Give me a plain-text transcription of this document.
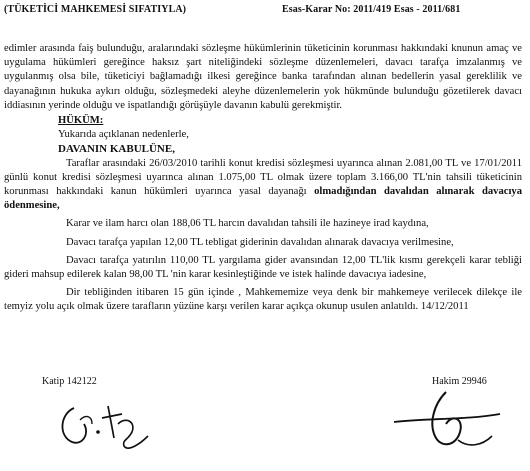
(TÜKETİCİ MAHKEMESİ SIFATIYLA)	Esas-Karar No: 2011/419 Esas - 2011/681

edimler arasında faiş bulunduğu, aralarındaki sözleşme hükümlerinin tüketicinin korunması hakkındaki knunun amaç ve uygulama hükümleri gereğince haksız şart niteliğindeki sözleşme düzenlemeleri, davacı tarafça imzalanmış ve uygulanmış olsa bile, tüketiciyi bağlamadığı ilkesi gereğince banka tarafından alınan bedellerin yasal gereklilik ve dayanağının hukuka aykırı olduğu, sözleşmedeki aleyhe düzenlemelerin yok hükmünde bulunduğu gözetilerek davacı iddiasının yerinde olduğu ve ispatlandığı görüşüyle davanın kabulü gerekmiştir.

HÜKÜM:

Yukarıda açıklanan nedenlerle,

DAVANIN KABULÜNE,

Taraflar arasındaki 26/03/2010 tarihli konut kredisi sözleşmesi uyarınca alınan 2.081,00 TL ve 17/01/2011 günlü konut kredisi sözleşmesi uyarınca alınan 1.075,00 TL olmak üzere toplam 3.166,00 TL'nin tahsili tüketicinin korunması hakkındaki kanun hükümleri uyarınca yasal dayanağı olmadığından davalıdan alınarak davacıya ödenmesine,

Karar ve ilam harcı olan 188,06 TL harcın davalıdan tahsili ile hazineye irad kaydına,

Davacı tarafça yapılan 12,00 TL tebligat giderinin davalıdan alınarak davacıya verilmesine,

Davacı tarafça yatırılın 110,00 TL yargılama gider avansından 12,00 TL'lik kısmı gerekçeli karar tebliği gideri mahsup edilerek kalan 98,00 TL 'nin karar kesinleştiğinde ve istek halinde davacıya iadesine,

Dir tebliğinden itibaren 15 gün içinde , Mahkememize veya denk bir mahkemeye verilecek dilekçe ile temyiz yolu açık olmak üzere tarafların yüzüne karşı verilen karar açıkça okunup usulen anlatıldı. 14/12/2011

Katip 142122	Hakim 29946
